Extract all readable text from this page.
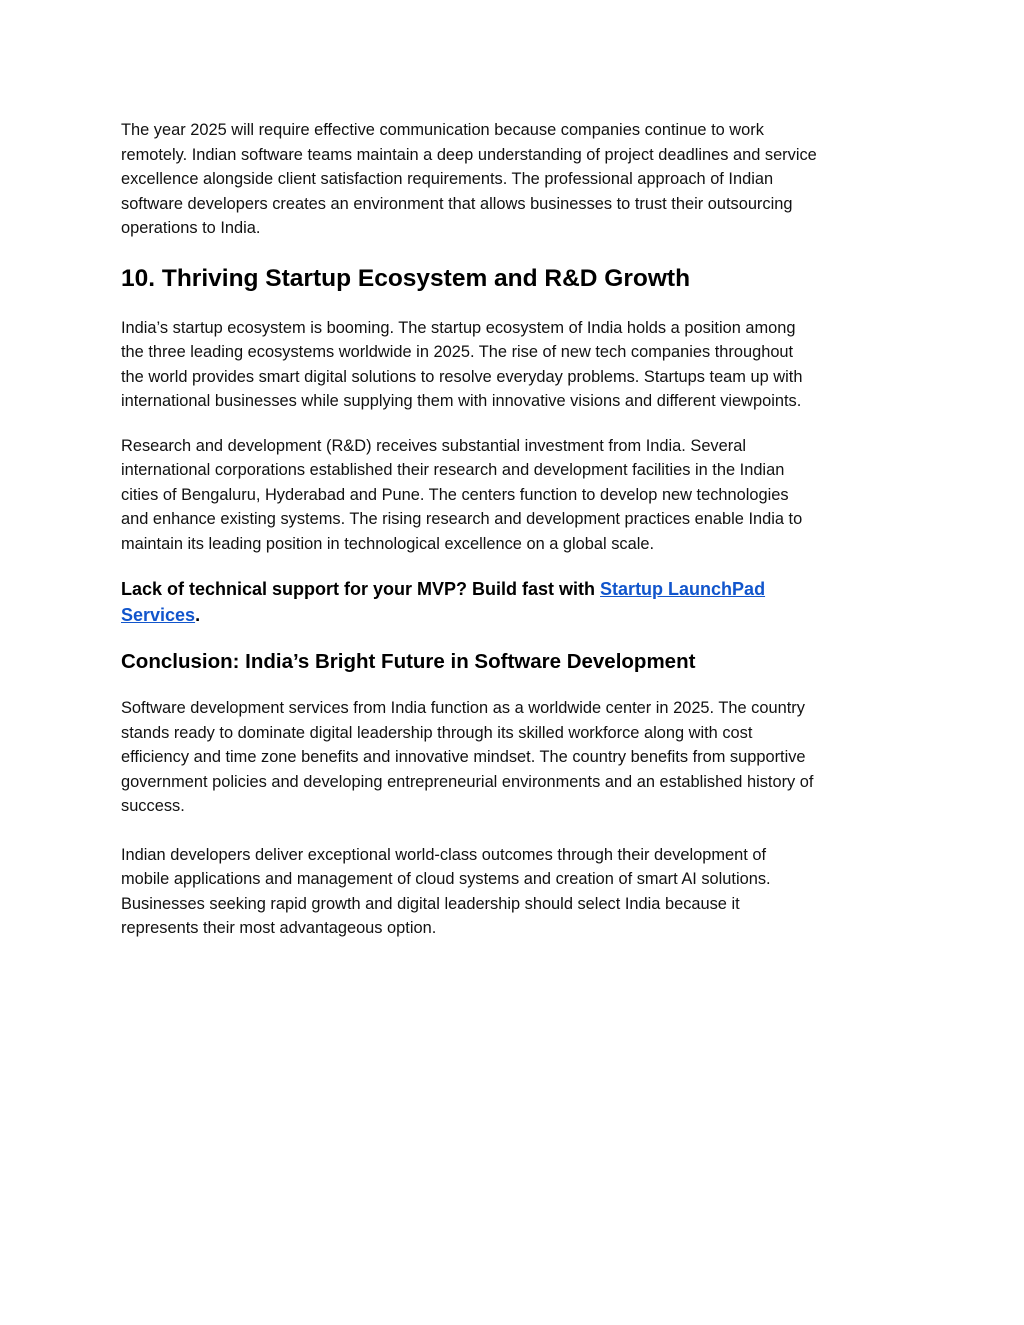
The year 2025 will require effective communication because companies continue to work
remotely. Indian software teams maintain a deep understanding of project deadlines and service
excellence alongside client satisfaction requirements. The professional approach of Indian
software developers creates an environment that allows businesses to trust their outsourcing
operations to India.

10. Thriving Startup Ecosystem and R&D Growth

India’s startup ecosystem is booming. The startup ecosystem of India holds a position among
the three leading ecosystems worldwide in 2025. The rise of new tech companies throughout
the world provides smart digital solutions to resolve everyday problems. Startups team up with
international businesses while supplying them with innovative visions and different viewpoints.

Research and development (R&D) receives substantial investment from India. Several
international corporations established their research and development facilities in the Indian
cities of Bengaluru, Hyderabad and Pune. The centers function to develop new technologies
and enhance existing systems. The rising research and development practices enable India to
maintain its leading position in technological excellence on a global scale.

Lack of technical support for your MVP? Build fast with Startup LaunchPad
Services.

Conclusion: India’s Bright Future in Software Development

Software development services from India function as a worldwide center in 2025. The country
stands ready to dominate digital leadership through its skilled workforce along with cost
efficiency and time zone benefits and innovative mindset. The country benefits from supportive
government policies and developing entrepreneurial environments and an established history of
success.

Indian developers deliver exceptional world-class outcomes through their development of
mobile applications and management of cloud systems and creation of smart AI solutions.
Businesses seeking rapid growth and digital leadership should select India because it
represents their most advantageous option.
